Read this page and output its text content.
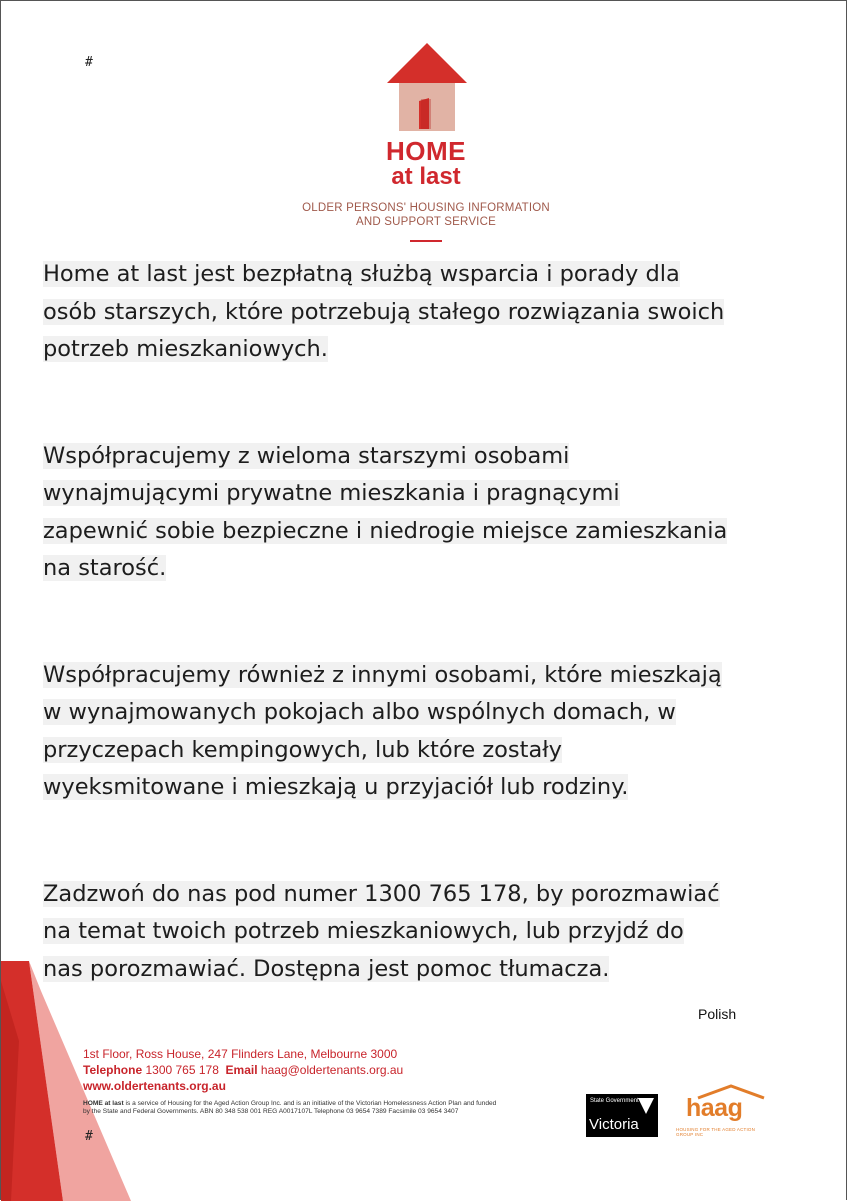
#
HOME
at last
OLDER PERSONS' HOUSING INFORMATION
AND SUPPORT SERVICE

Home at last jest bezpłatną służbą wsparcia i porady dla
osób starszych, które potrzebują stałego rozwiązania swoich
potrzeb mieszkaniowych.

Współpracujemy z wieloma starszymi osobami
wynajmującymi prywatne mieszkania i pragnącymi
zapewnić sobie bezpieczne i niedrogie miejsce zamieszkania
na starość.

Współpracujemy również z innymi osobami, które mieszkają
w wynajmowanych pokojach albo wspólnych domach, w
przyczepach kempingowych, lub które zostały
wyeksmitowane i mieszkają u przyjaciół lub rodziny.

Zadzwoń do nas pod numer 1300 765 178, by porozmawiać
na temat twoich potrzeb mieszkaniowych, lub przyjdź do
nas porozmawiać. Dostępna jest pomoc tłumacza.

Polish
1st Floor, Ross House, 247 Flinders Lane, Melbourne 3000
Telephone 1300 765 178 Email haag@oldertenants.org.au
www.oldertenants.org.au
HOME at last is a service of Housing for the Aged Action Group Inc. and is an initiative of the Victorian Homelessness Action Plan and funded by the State and Federal Governments. ABN 80 348 538 001 REG A0017107L Telephone 03 9654 7389 Facsimile 03 9654 3407
#
State Government
Victoria
haag
HOUSING FOR THE AGED ACTION GROUP INC
